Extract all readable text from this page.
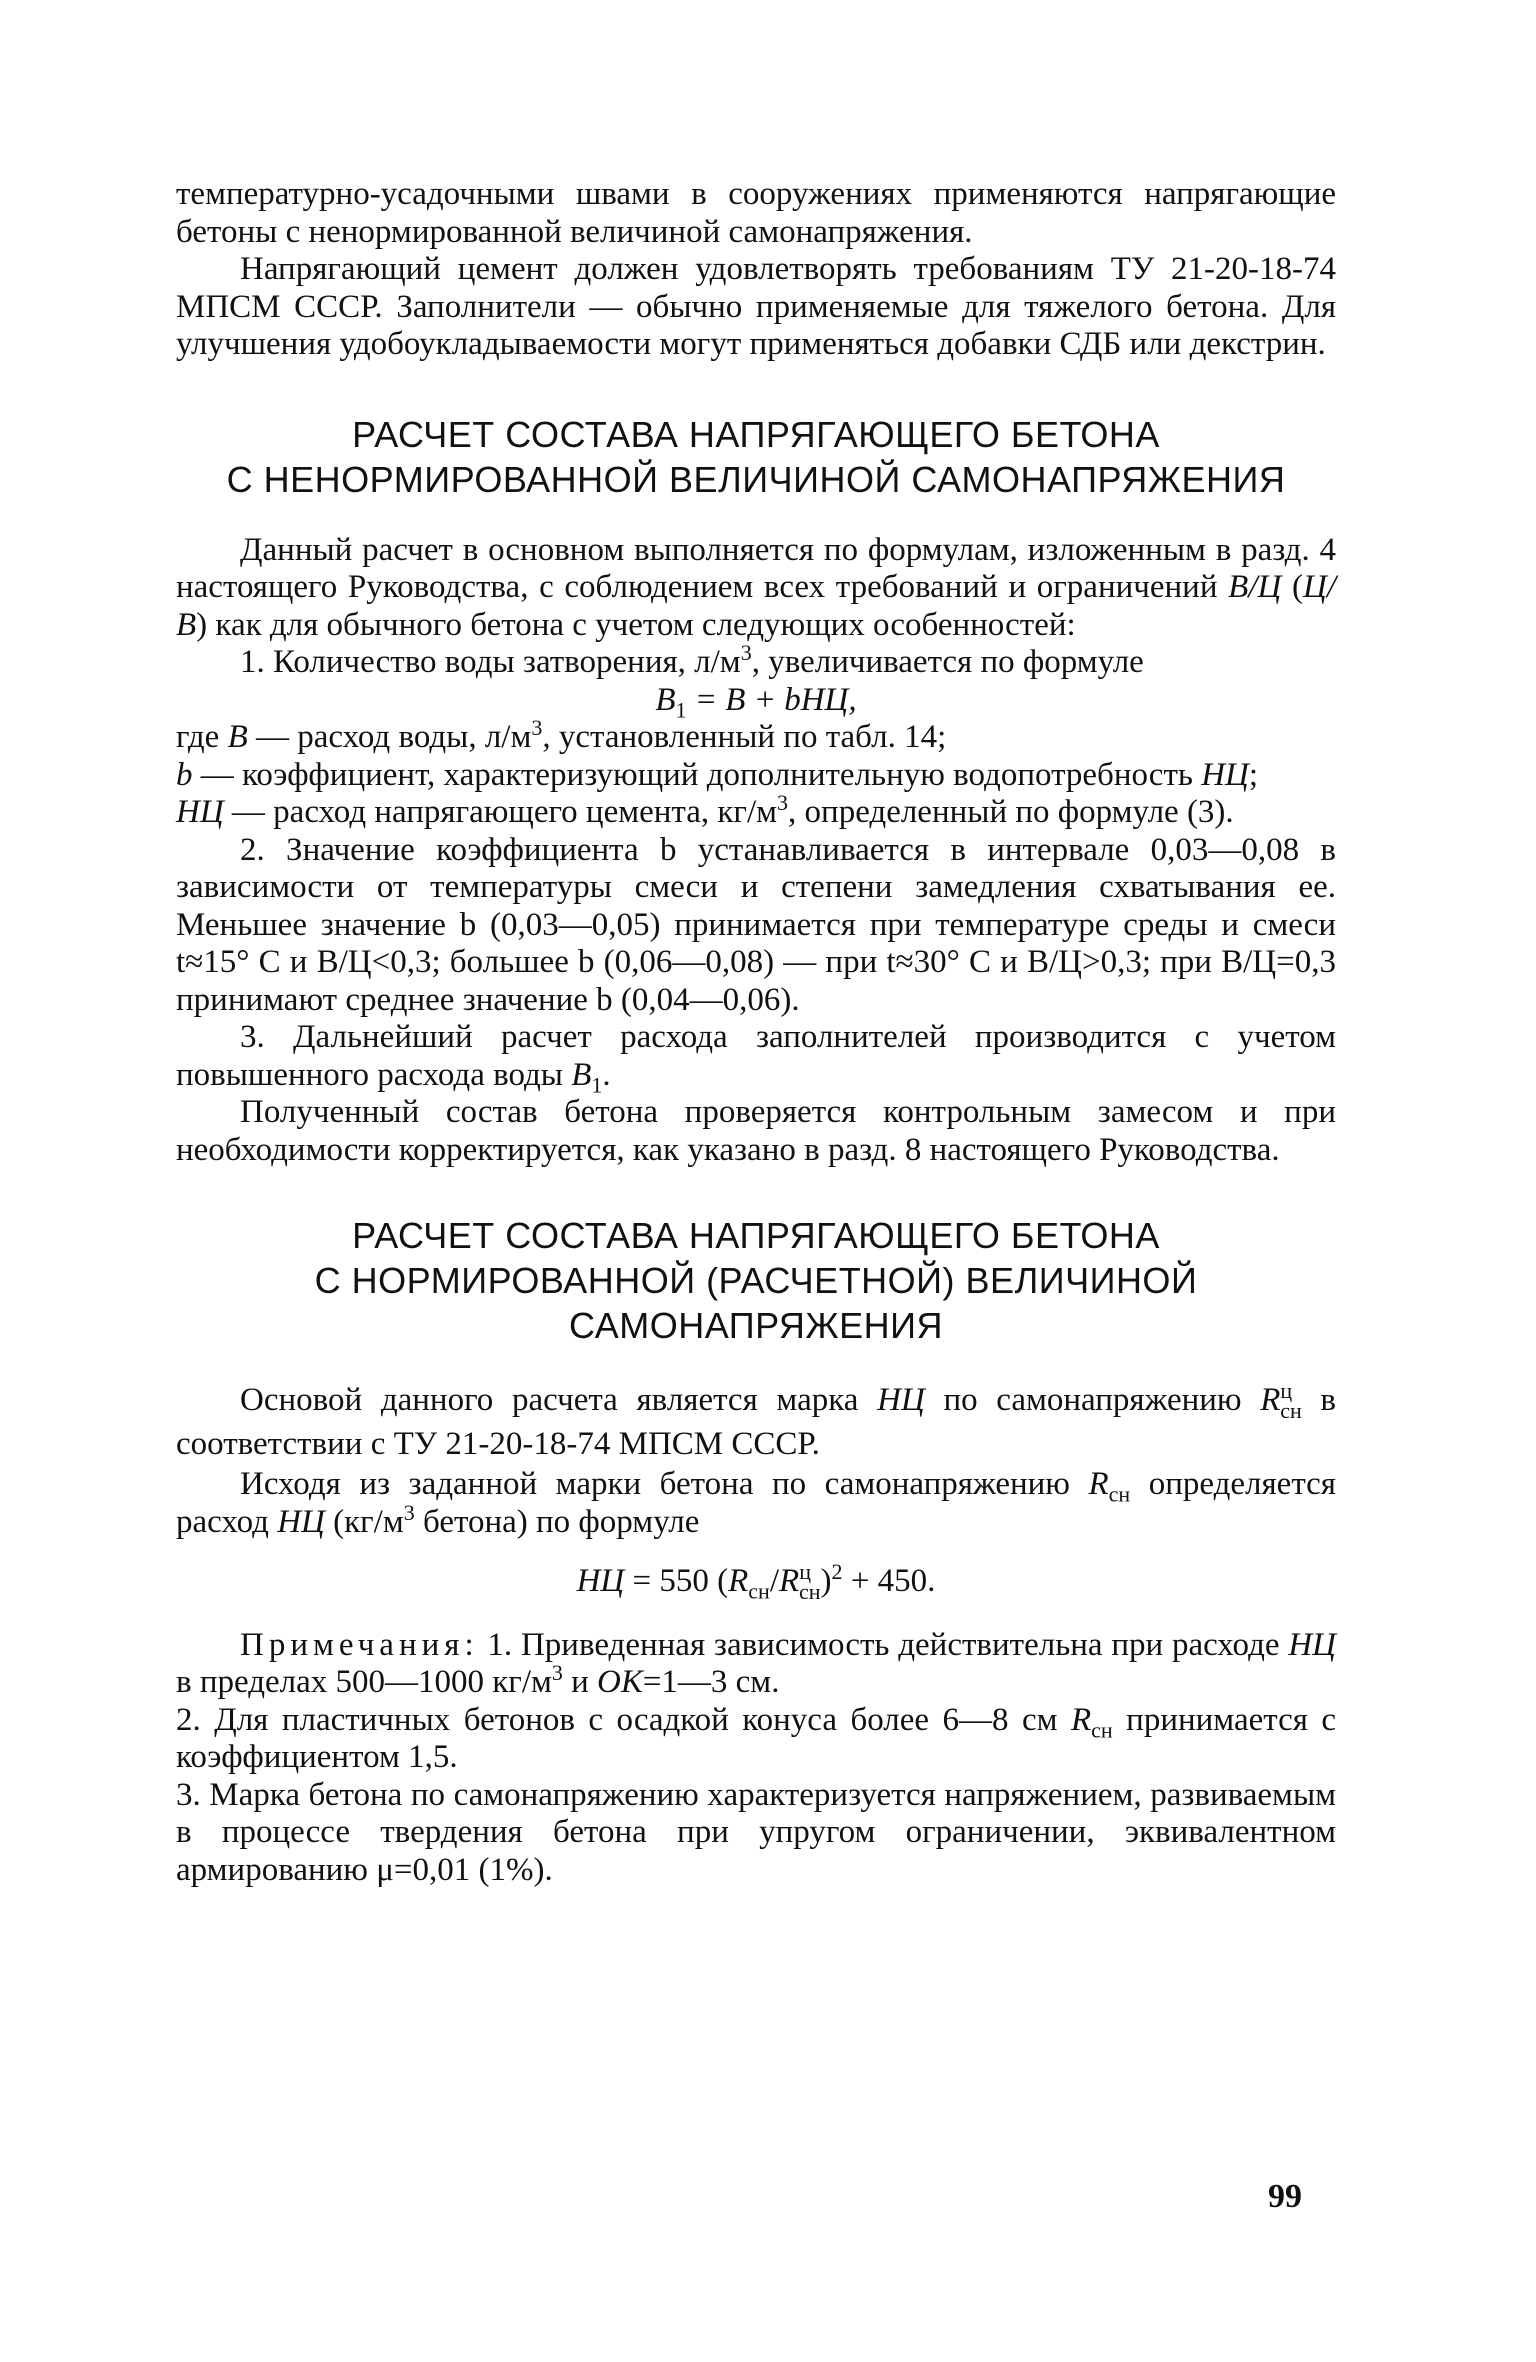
температурно-усадочными швами в сооружениях применяются напрягающие бетоны с ненормированной величиной самонапряжения.

Напрягающий цемент должен удовлетворять требованиям ТУ 21-20-18-74 МПСМ СССР. Заполнители — обычно применяемые для тяжелого бетона. Для улучшения удобоукладываемости могут применяться добавки СДБ или декстрин.

РАСЧЕТ СОСТАВА НАПРЯГАЮЩЕГО БЕТОНА

С НЕНОРМИРОВАННОЙ ВЕЛИЧИНОЙ САМОНАПРЯЖЕНИЯ

Данный расчет в основном выполняется по формулам, изложенным в разд. 4 настоящего Руководства, с соблюдением всех требований и ограничений В/Ц (Ц/В) как для обычного бетона с учетом следующих особенностей:

1. Количество воды затворения, $л/м^3$, увеличивается по формуле

$В_1 = В$ + bНЦ,

где В — расход воды, $л/м^3$, установленный по табл. 14;

b — коэффициент, характеризующий дополнительную водопотребность НЦ;

НЦ — расход напрягающего цемента, $кг/м^3$, определенный по формуле (3).

2. Значение коэффициента b устанавливается в интервале 0,03—0,08 в зависимости от температуры смеси и степени замедления схватывания ее. Меньшее значение b (0,03—0,05) принимается при температуре среды и смеси t≈15° С и В/Ц<0,3; большее b (0,06—0,08) — при t≈30° С и В/Ц>0,3; при В/Ц=0,3 принимают среднее значение b (0,04—0,06).

3. Дальнейший расчет расхода заполнителей производится с учетом повышенного расхода воды $В_1$.

Полученный состав бетона проверяется контрольным замесом и при необходимости корректируется, как указано в разд. 8 настоящего Руководства.

РАСЧЕТ СОСТАВА НАПРЯГАЮЩЕГО БЕТОНА

С НОРМИРОВАННОЙ (РАСЧЕТНОЙ) ВЕЛИЧИНОЙ

САМОНАПРЯЖЕНИЯ

Основой данного расчета является марка НЦ по самонапряжению $R^ц_{сн}$ в соответствии с ТУ 21-20-18-74 МПСМ СССР.

Исходя из заданной марки бетона по самонапряжению $R_{сн}$ определяется расход НЦ ($кг/м^3$ бетона) по формуле

НЦ = 550 $(R_{сн}/R^ц_{сн})^2 + 450$.

Примечания: 1. Приведенная зависимость действительна при расходе НЦ в пределах 500—1000 $кг/м^3$ и ОК=1—3 см.

2. Для пластичных бетонов с осадкой конуса более 6—8 см $R_{сн}$ принимается с коэффициентом 1,5.

3. Марка бетона по самонапряжению характеризуется напряжением, развиваемым в процессе твердения бетона при упругом ограничении, эквивалентном армированию μ=0,01 (1%).

99
